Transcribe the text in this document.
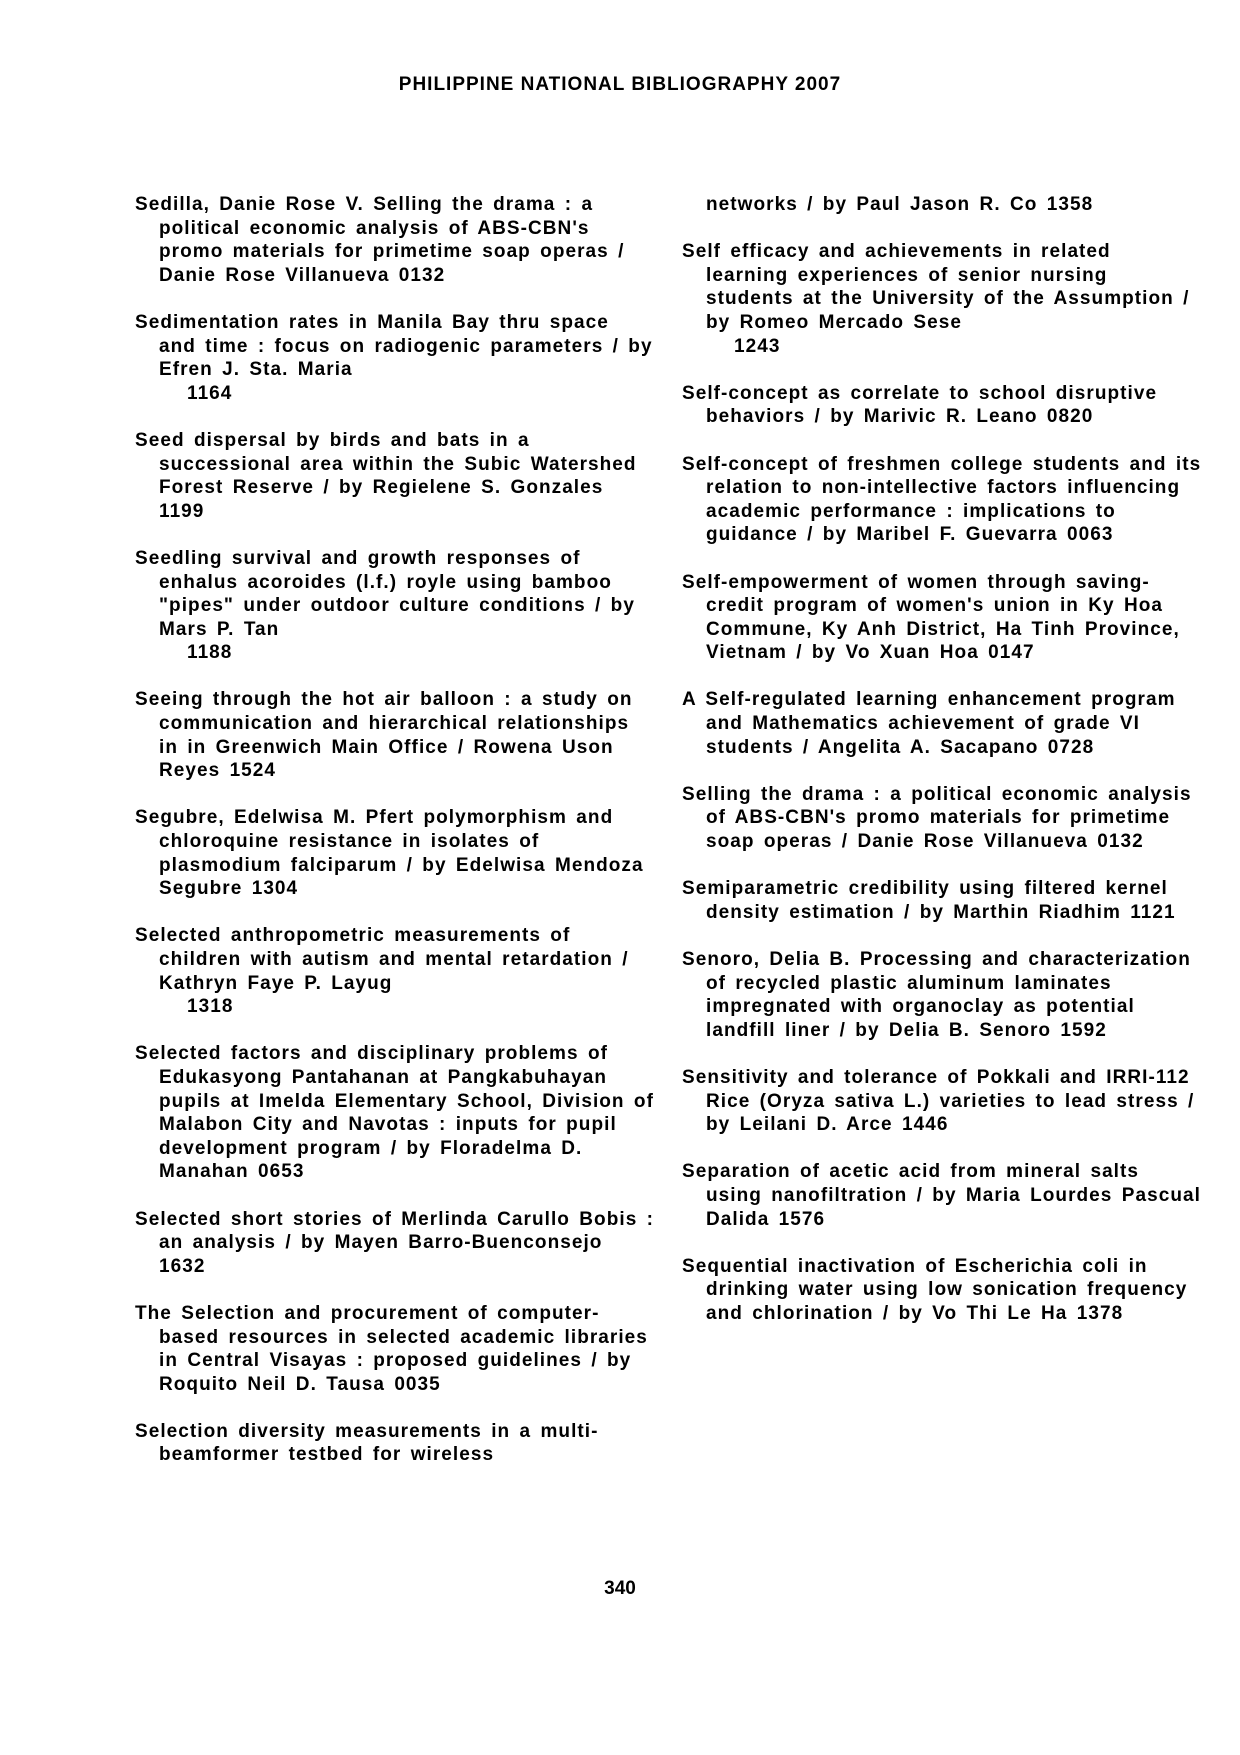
PHILIPPINE NATIONAL BIBLIOGRAPHY 2007

Sedilla, Danie Rose V. Selling the drama : a political economic analysis of ABS-CBN's promo materials for primetime soap operas / Danie Rose Villanueva 0132

Sedimentation rates in Manila Bay thru space and time : focus on radiogenic parameters / by Efren J. Sta. Maria
1164

Seed dispersal by birds and bats in a successional area within the Subic Watershed Forest Reserve / by Regielene S. Gonzales 1199

Seedling survival and growth responses of enhalus acoroides (l.f.) royle using bamboo "pipes" under outdoor culture conditions / by Mars P. Tan
1188

Seeing through the hot air balloon : a study on communication and hierarchical relationships in in Greenwich Main Office / Rowena Uson Reyes 1524

Segubre, Edelwisa M. Pfert polymorphism and chloroquine resistance in isolates of plasmodium falciparum / by Edelwisa Mendoza Segubre 1304

Selected anthropometric measurements of children with autism and mental retardation / Kathryn Faye P. Layug
1318

Selected factors and disciplinary problems of Edukasyong Pantahanan at Pangkabuhayan pupils at Imelda Elementary School, Division of Malabon City and Navotas : inputs for pupil development program / by Floradelma D. Manahan 0653

Selected short stories of Merlinda Carullo Bobis : an analysis / by Mayen Barro-Buenconsejo 1632

The Selection and procurement of computer-based resources in selected academic libraries in Central Visayas : proposed guidelines / by Roquito Neil D. Tausa 0035

Selection diversity measurements in a multi-beamformer testbed for wireless

networks / by Paul Jason R. Co 1358

Self efficacy and achievements in related learning experiences of senior nursing students at the University of the Assumption / by Romeo Mercado Sese
1243

Self-concept as correlate to school disruptive behaviors / by Marivic R. Leano 0820

Self-concept of freshmen college students and its relation to non-intellective factors influencing academic performance : implications to guidance / by Maribel F. Guevarra 0063

Self-empowerment of women through saving-credit program of women's union in Ky Hoa Commune, Ky Anh District, Ha Tinh Province, Vietnam / by Vo Xuan Hoa 0147

A Self-regulated learning enhancement program and Mathematics achievement of grade VI students / Angelita A. Sacapano 0728

Selling the drama : a political economic analysis of ABS-CBN's promo materials for primetime soap operas / Danie Rose Villanueva 0132

Semiparametric credibility using filtered kernel density estimation / by Marthin Riadhim 1121

Senoro, Delia B. Processing and characterization of recycled plastic aluminum laminates impregnated with organoclay as potential landfill liner / by Delia B. Senoro 1592

Sensitivity and tolerance of Pokkali and IRRI-112 Rice (Oryza sativa L.) varieties to lead stress / by Leilani D. Arce 1446

Separation of acetic acid from mineral salts using nanofiltration / by Maria Lourdes Pascual Dalida 1576

Sequential inactivation of Escherichia coli in drinking water using low sonication frequency and chlorination / by Vo Thi Le Ha 1378

340
